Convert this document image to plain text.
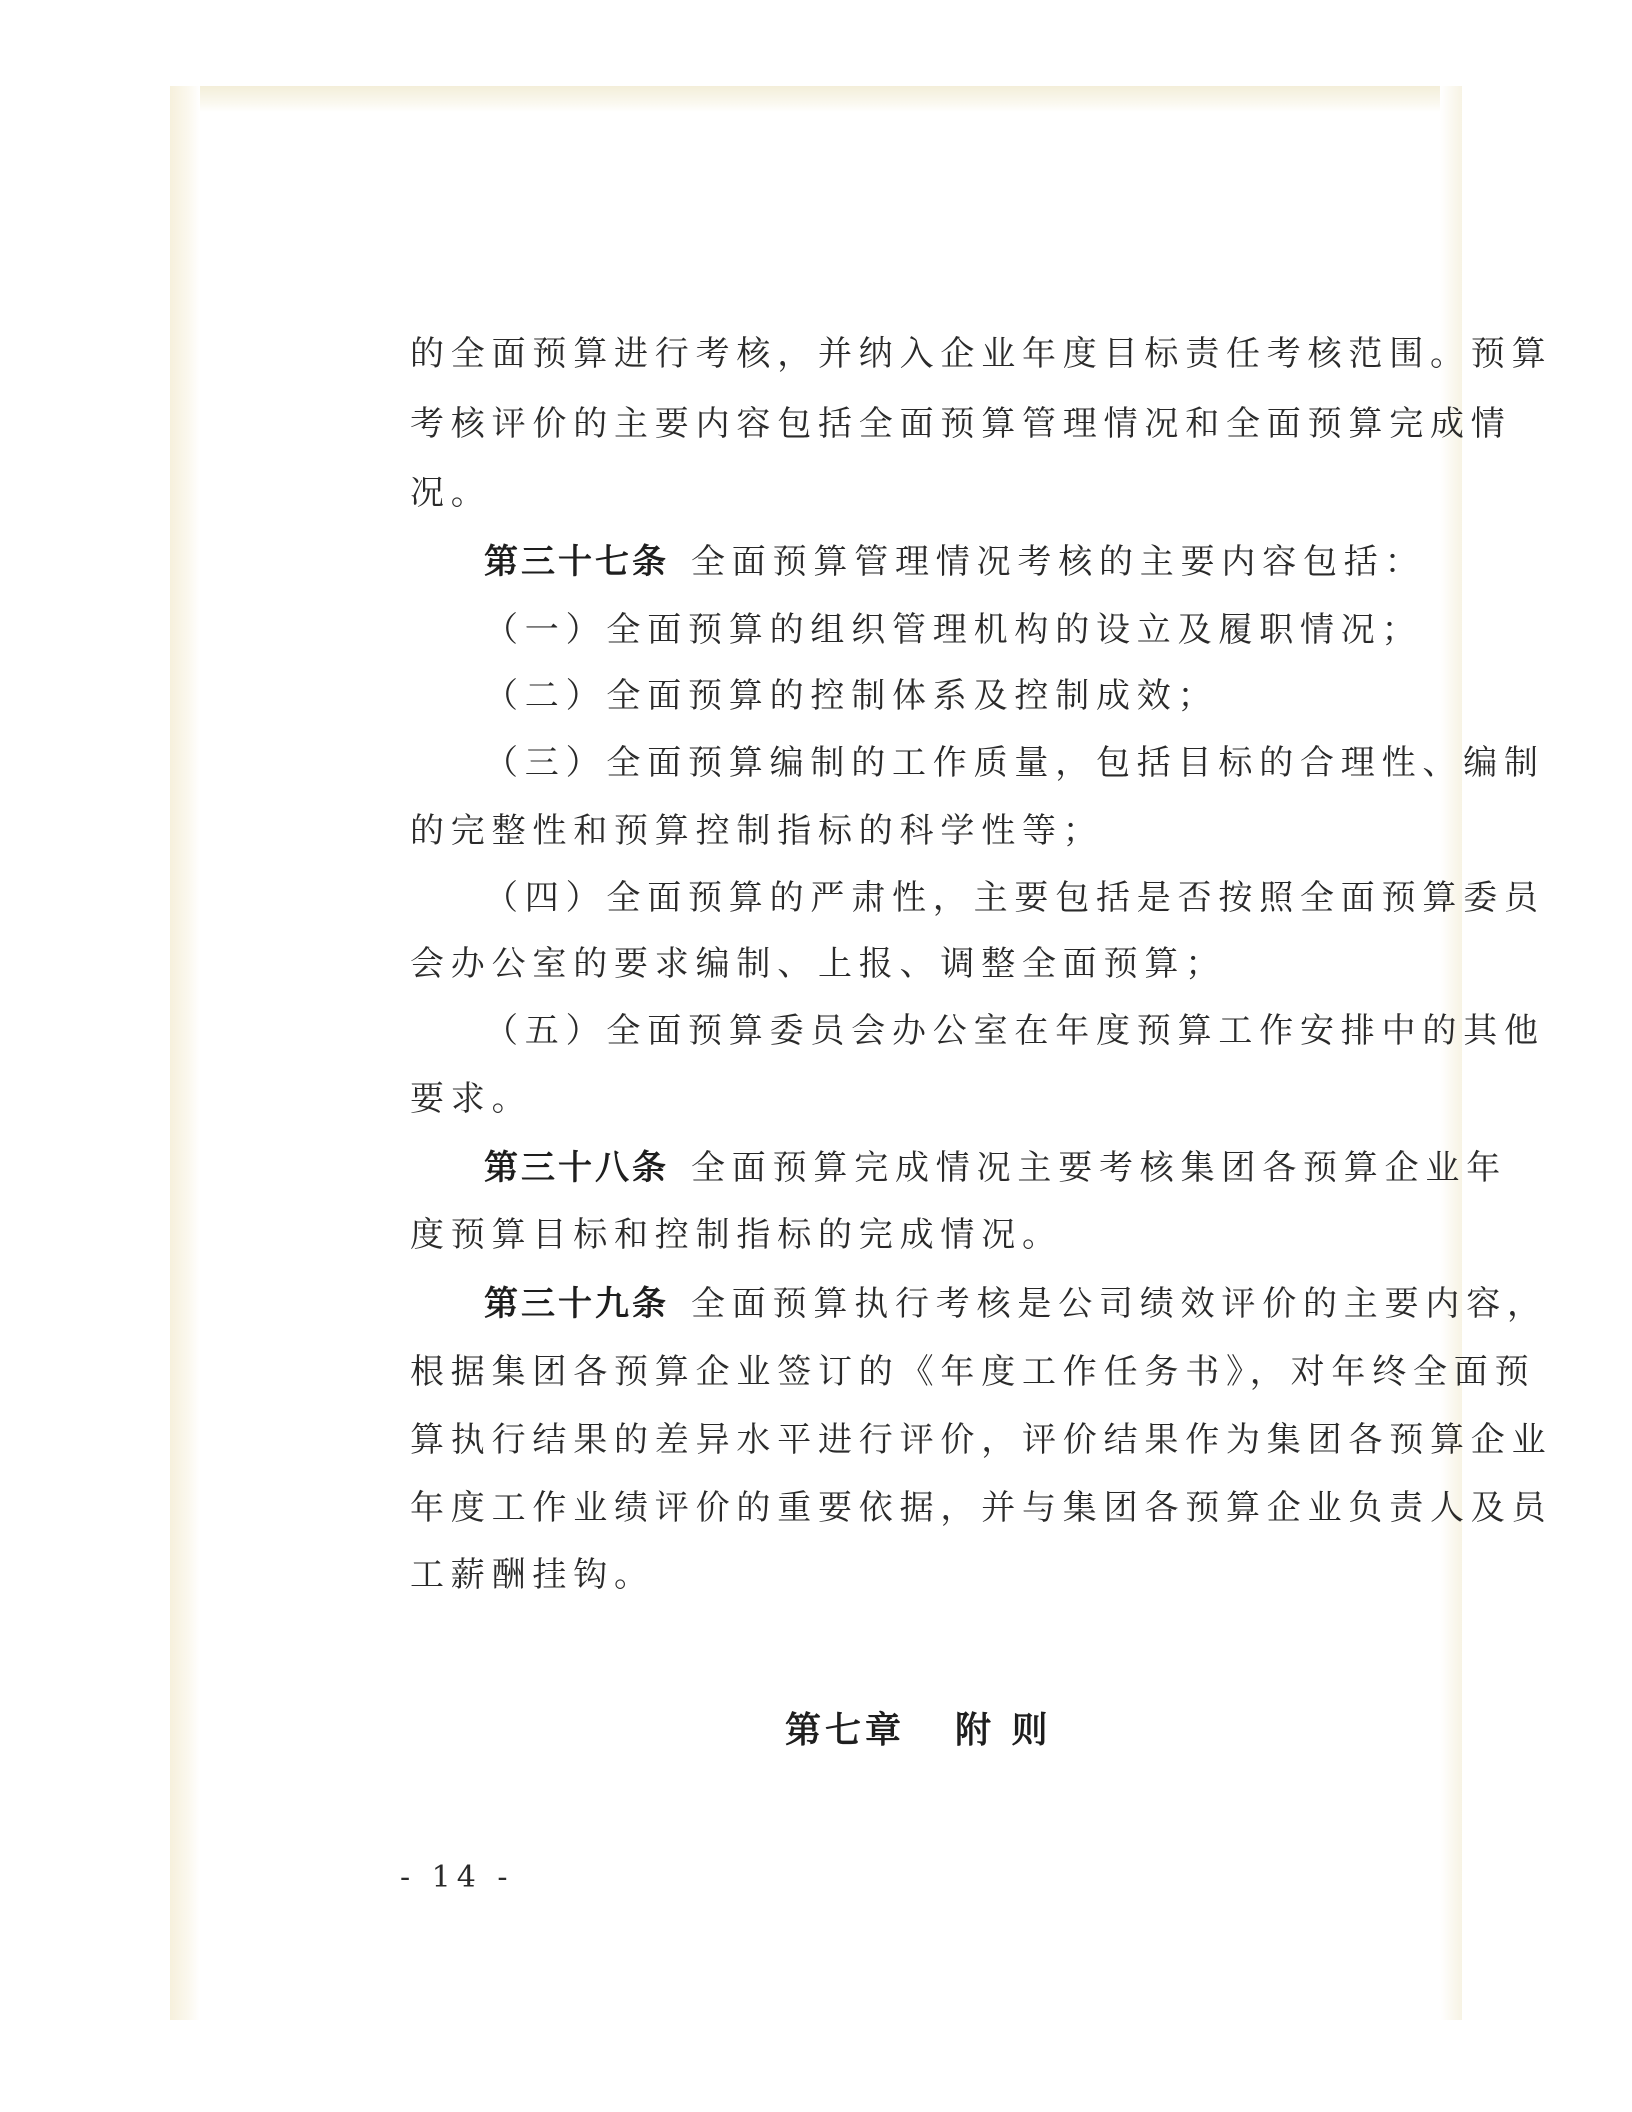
的全面预算进行考核，并纳入企业年度目标责任考核范围。预算
考核评价的主要内容包括全面预算管理情况和全面预算完成情
况。
第三十七条 全面预算管理情况考核的主要内容包括：
（一）全面预算的组织管理机构的设立及履职情况；
（二）全面预算的控制体系及控制成效；
（三）全面预算编制的工作质量，包括目标的合理性、编制
的完整性和预算控制指标的科学性等；
（四）全面预算的严肃性，主要包括是否按照全面预算委员
会办公室的要求编制、上报、调整全面预算；
（五）全面预算委员会办公室在年度预算工作安排中的其他
要求。
第三十八条 全面预算完成情况主要考核集团各预算企业年
度预算目标和控制指标的完成情况。
第三十九条 全面预算执行考核是公司绩效评价的主要内容，
根据集团各预算企业签订的《年度工作任务书》，对年终全面预
算执行结果的差异水平进行评价，评价结果作为集团各预算企业
年度工作业绩评价的重要依据，并与集团各预算企业负责人及员
工薪酬挂钩。
第七章 附 则
- 14 -
